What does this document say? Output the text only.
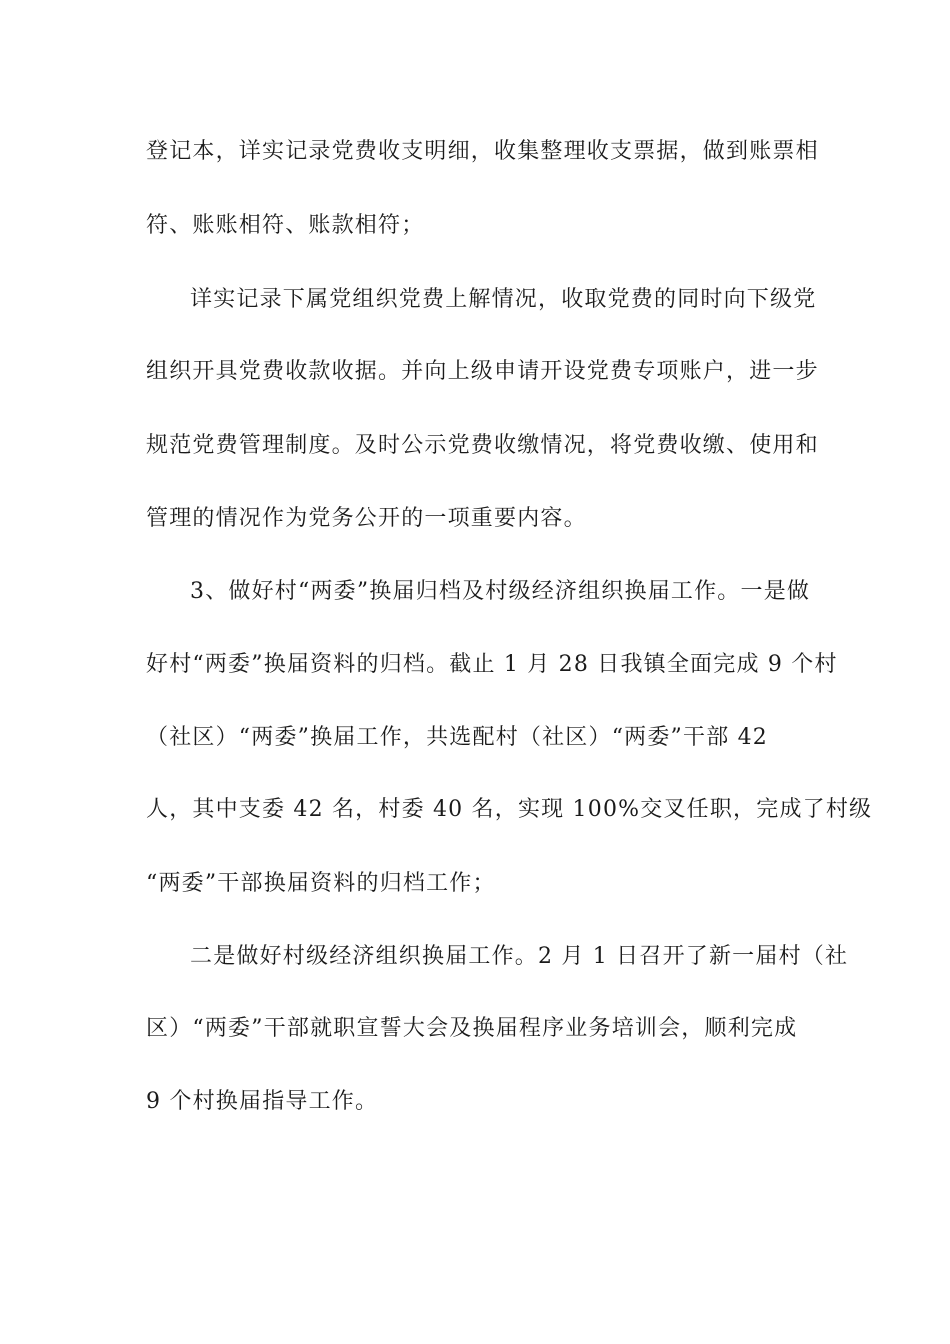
登记本，详实记录党费收支明细，收集整理收支票据，做到账票相
符、账账相符、账款相符；
详实记录下属党组织党费上解情况，收取党费的同时向下级党
组织开具党费收款收据。并向上级申请开设党费专项账户，进一步
规范党费管理制度。及时公示党费收缴情况，将党费收缴、使用和
管理的情况作为党务公开的一项重要内容。
3、做好村“两委”换届归档及村级经济组织换届工作。一是做
好村“两委”换届资料的归档。截止 1 月 28 日我镇全面完成 9 个村
（社区）“两委”换届工作，共选配村（社区）“两委”干部 42
人，其中支委 42 名，村委 40 名，实现 100%交叉任职，完成了村级
“两委”干部换届资料的归档工作；
二是做好村级经济组织换届工作。2 月 1 日召开了新一届村（社
区）“两委”干部就职宣誓大会及换届程序业务培训会，顺利完成
9 个村换届指导工作。
